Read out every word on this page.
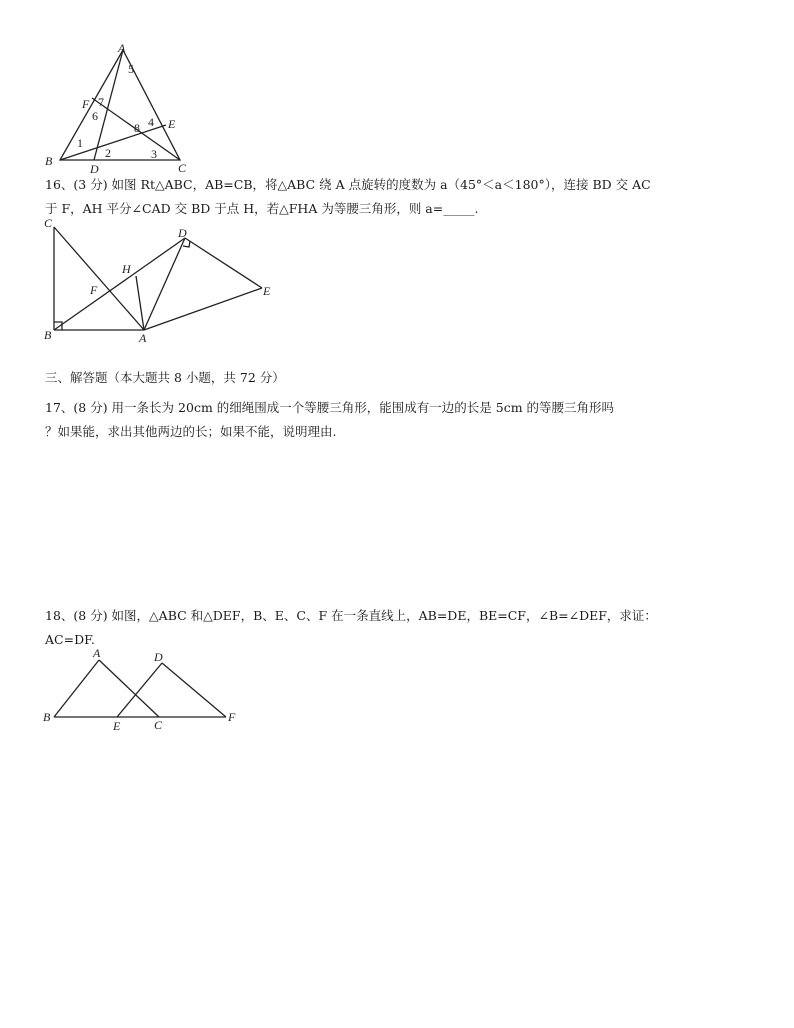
A
B	C
D
E
F
1
2	3
4
5
6
7
8
16、(3 分) 如图 Rt△ABC，AB=CB，将△ABC 绕 A 点旋转的度数为 a（45°＜a＜180°），连接 BD 交 AC
于 F，AH 平分∠CAD 交 BD 于点 H，若△FHA 为等腰三角形，则 a=_____.
C
D
H
F	E
B	A
三、解答题（本大题共 8 小题，共 72 分）
17、(8 分) 用一条长为 20cm 的细绳围成一个等腰三角形，能围成有一边的长是 5cm 的等腰三角形吗
？如果能，求出其他两边的长；如果不能，说明理由.
18、(8 分) 如图，△ABC 和△DEF，B、E、C、F 在一条直线上，AB=DE，BE=CF，∠B=∠DEF，求证：
AC=DF.
A	D
B
E	C
F
